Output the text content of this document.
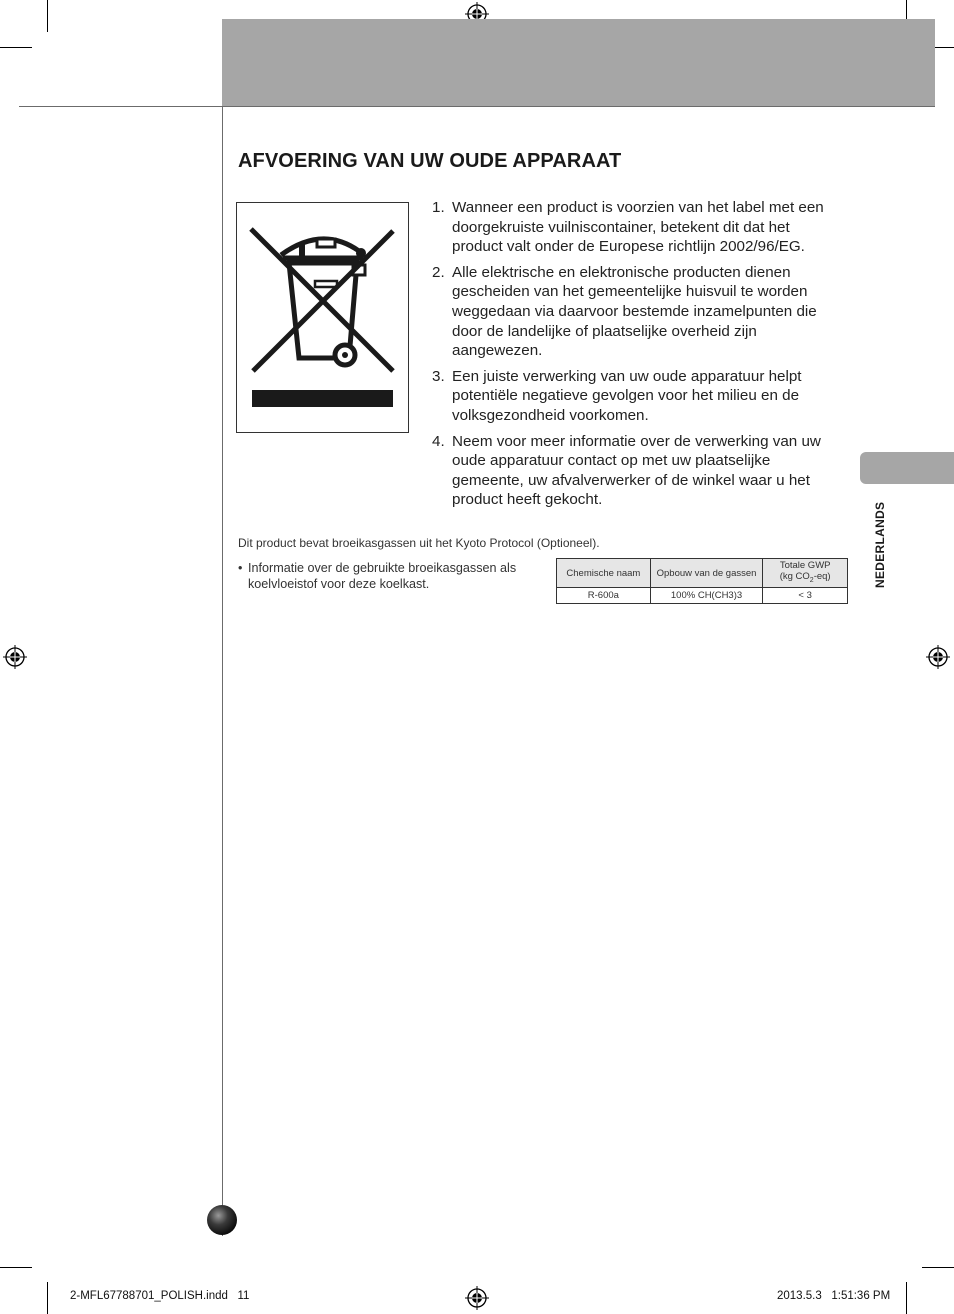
AFVOERING VAN UW OUDE APPARAAT
1. Wanneer een product is voorzien van het label met een doorgekruiste vuilniscontainer, betekent dit dat het product valt onder de Europese richtlijn 2002/96/EG.
2. Alle elektrische en elektronische producten dienen gescheiden van het gemeentelijke huisvuil te worden weggedaan via daarvoor bestemde inzamelpunten die door de landelijke of plaatselijke overheid zijn aangewezen.
3. Een juiste verwerking van uw oude apparatuur helpt potentiële negatieve gevolgen voor het milieu en de volksgezondheid voorkomen.
4. Neem voor meer informatie over de verwerking van uw oude apparatuur contact op met uw plaatselijke gemeente, uw afvalverwerker of de winkel waar u het product heeft gekocht.
NEDERLANDS
Dit product bevat broeikasgassen uit het Kyoto Protocol (Optioneel).
• Informatie over de gebruikte broeikasgassen als koelvloeistof voor deze koelkast.
Chemische naam	Opbouw van de gassen	Totale GWP
(kg $CO_2-eq$)
R-600a	100% CH(CH3)3	< 3
2-MFL67788701_POLISH.indd   11	2013.5.3   1:51:36 PM
